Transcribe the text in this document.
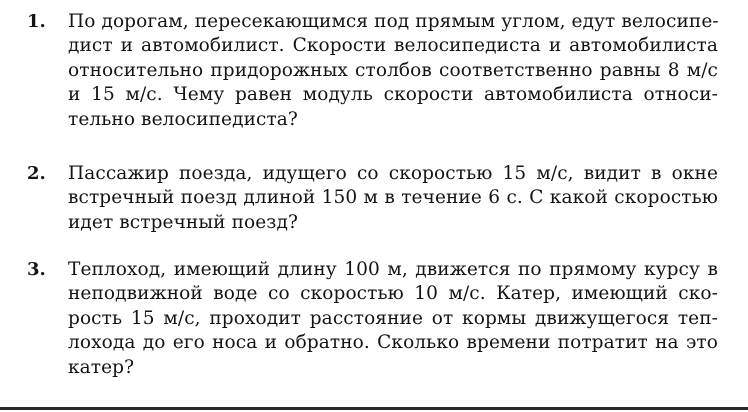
1.	По дорогам, пересекающимся под прямым углом, едут велосипе-
дист и автомобилист. Скорости велосипедиста и автомобилиста
относительно придорожных столбов соответственно равны 8 м/с
и 15 м/с. Чему равен модуль скорости автомобилиста относи-
тельно велосипедиста?
2.	Пассажир поезда, идущего со скоростью 15 м/с, видит в окне
встречный поезд длиной 150 м в течение 6 с. С какой скоростью
идет встречный поезд?
3.	Теплоход, имеющий длину 100 м, движется по прямому курсу в
неподвижной воде со скоростью 10 м/с. Катер, имеющий ско-
рость 15 м/с, проходит расстояние от кормы движущегося теп-
лохода до его носа и обратно. Сколько времени потратит на это
катер?
